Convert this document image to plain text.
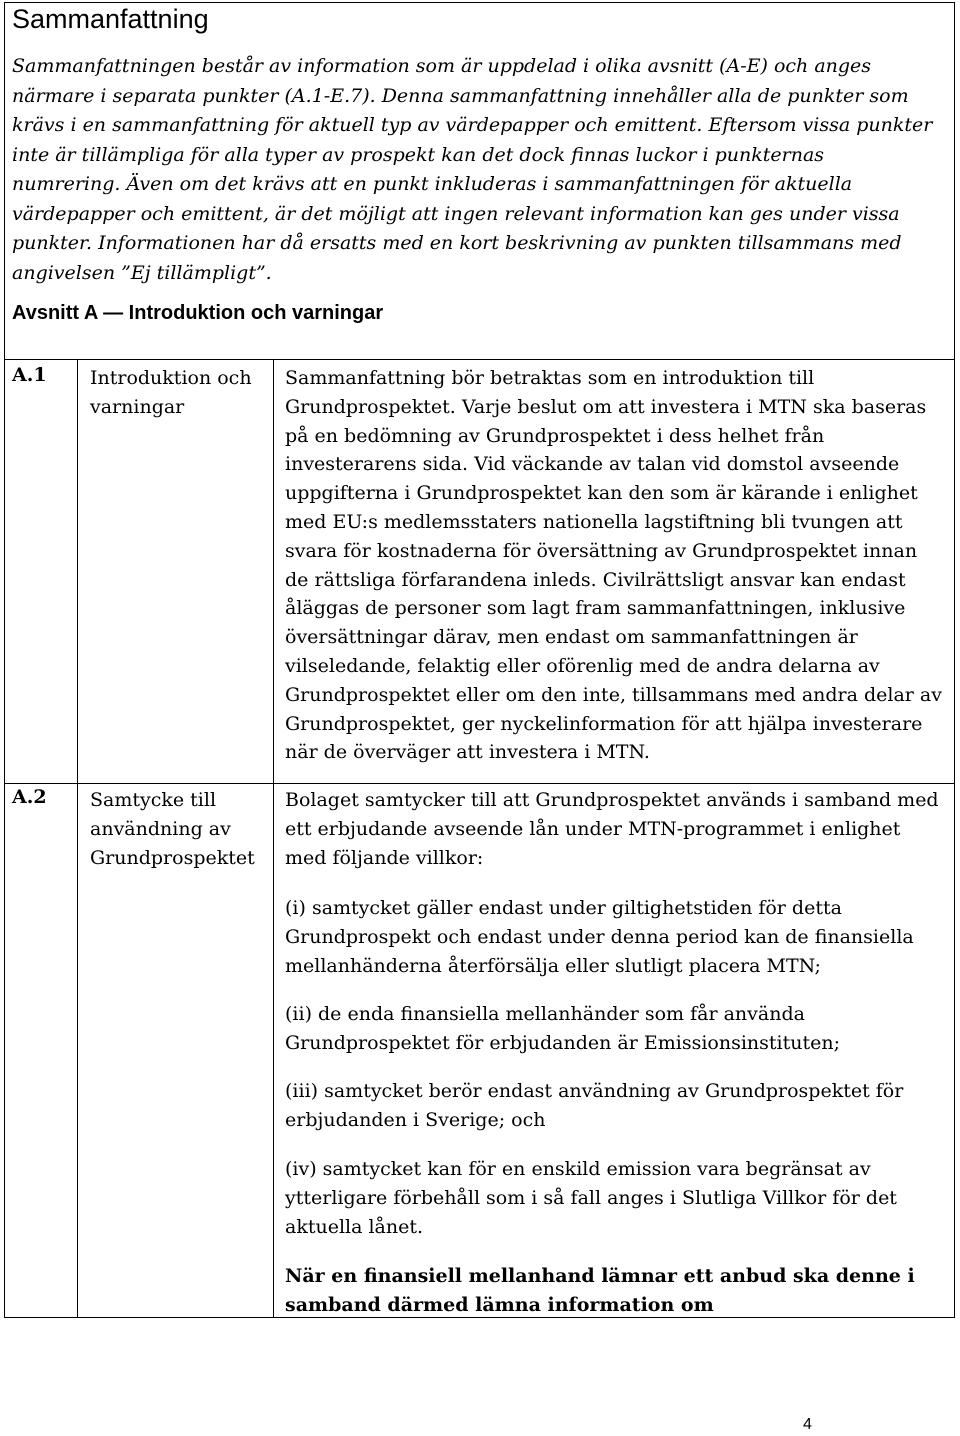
Sammanfattning

Sammanfattningen består av information som är uppdelad i olika avsnitt (A-E) och anges närmare i separata punkter (A.1-E.7). Denna sammanfattning innehåller alla de punkter som krävs i en sammanfattning för aktuell typ av värdepapper och emittent. Eftersom vissa punkter inte är tillämpliga för alla typer av prospekt kan det dock finnas luckor i punkternas numrering. Även om det krävs att en punkt inkluderas i sammanfattningen för aktuella värdepapper och emittent, är det möjligt att ingen relevant information kan ges under vissa punkter. Informationen har då ersatts med en kort beskrivning av punkten tillsammans med angivelsen ”Ej tillämpligt”.

Avsnitt A — Introduktion och varningar

A.1 Introduktion och varningar

Sammanfattning bör betraktas som en introduktion till Grundprospektet. Varje beslut om att investera i MTN ska baseras på en bedömning av Grundprospektet i dess helhet från investerarens sida. Vid väckande av talan vid domstol avseende uppgifterna i Grundprospektet kan den som är kärande i enlighet med EU:s medlemsstaters nationella lagstiftning bli tvungen att svara för kostnaderna för översättning av Grundprospektet innan de rättsliga förfarandena inleds. Civilrättsligt ansvar kan endast åläggas de personer som lagt fram sammanfattningen, inklusive översättningar därav, men endast om sammanfattningen är vilseledande, felaktig eller oförenlig med de andra delarna av Grundprospektet eller om den inte, tillsammans med andra delar av Grundprospektet, ger nyckelinformation för att hjälpa investerare när de överväger att investera i MTN.

A.2 Samtycke till användning av Grundprospektet

Bolaget samtycker till att Grundprospektet används i samband med ett erbjudande avseende lån under MTN-programmet i enlighet med följande villkor:

(i) samtycket gäller endast under giltighetstiden för detta Grundprospekt och endast under denna period kan de finansiella mellanhänderna återförsälja eller slutligt placera MTN;

(ii) de enda finansiella mellanhänder som får använda Grundprospektet för erbjudanden är Emissionsinstituten;

(iii) samtycket berör endast användning av Grundprospektet för erbjudanden i Sverige; och

(iv) samtycket kan för en enskild emission vara begränsat av ytterligare förbehåll som i så fall anges i Slutliga Villkor för det aktuella lånet.

När en finansiell mellanhand lämnar ett anbud ska denne i samband därmed lämna information om

4
